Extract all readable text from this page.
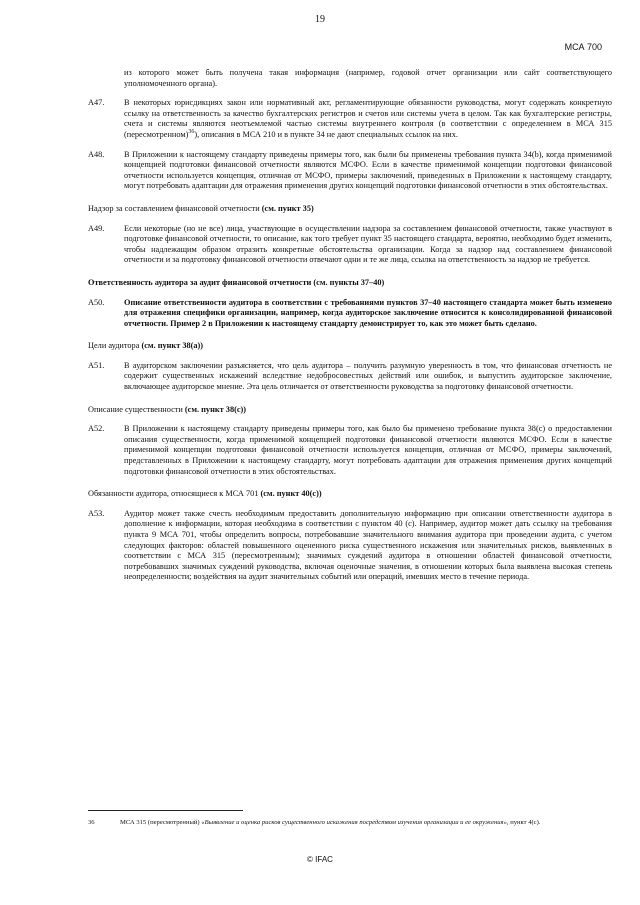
19
МСА 700
из которого может быть получена такая информация (например, годовой отчет организации или сайт соответствующего уполномоченного органа).
A47.	В некоторых юрисдикциях закон или нормативный акт, регламентирующие обязанности руководства, могут содержать конкретную ссылку на ответственность за качество бухгалтерских регистров и счетов или системы учета в целом. Так как бухгалтерские регистры, счета и системы являются неотъемлемой частью системы внутреннего контроля (в соответствии с определением в МСА 315 (пересмотренном)$^{36}$), описания в МСА 210 и в пункте 34 не дают специальных ссылок на них.
A48.	В Приложении к настоящему стандарту приведены примеры того, как были бы применены требования пункта 34(b), когда применимой концепцией подготовки финансовой отчетности являются МСФО. Если в качестве применимой концепции подготовки финансовой отчетности используется концепция, отличная от МСФО, примеры заключений, приведенных в Приложении к настоящему стандарту, могут потребовать адаптации для отражения применения других концепций подготовки финансовой отчетности в этих обстоятельствах.
Надзор за составлением финансовой отчетности (см. пункт 35)
A49.	Если некоторые (но не все) лица, участвующие в осуществлении надзора за составлением финансовой отчетности, также участвуют в подготовке финансовой отчетности, то описание, как того требует пункт 35 настоящего стандарта, вероятно, необходимо будет изменить, чтобы надлежащим образом отразить конкретные обстоятельства организации. Когда за надзор над составлением финансовой отчетности и за подготовку финансовой отчетности отвечают одни и те же лица, ссылка на ответственность за надзор не требуется.
Ответственность аудитора за аудит финансовой отчетности (см. пункты 37–40)
A50.	Описание ответственности аудитора в соответствии с требованиями пунктов 37–40 настоящего стандарта может быть изменено для отражения специфики организации, например, когда аудиторское заключение относится к консолидированной финансовой отчетности. Пример 2 в Приложении к настоящему стандарту демонстрирует то, как это может быть сделано.
Цели аудитора (см. пункт 38(а))
A51.	В аудиторском заключении разъясняется, что цель аудитора – получить разумную уверенность в том, что финансовая отчетность не содержит существенных искажений вследствие недобросовестных действий или ошибок, и выпустить аудиторское заключение, включающее аудиторское мнение. Эта цель отличается от ответственности руководства за подготовку финансовой отчетности.
Описание существенности (см. пункт 38(с))
A52.	В Приложении к настоящему стандарту приведены примеры того, как было бы применено требование пункта 38(с) о предоставлении описания существенности, когда применимой концепцией подготовки финансовой отчетности являются МСФО. Если в качестве применимой концепции подготовки финансовой отчетности используется концепция, отличная от МСФО, примеры заключений, представленных в Приложении к настоящему стандарту, могут потребовать адаптации для отражения применения других концепций подготовки финансовой отчетности в этих обстоятельствах.
Обязанности аудитора, относящиеся к МСА 701 (см. пункт 40(с))
A53.	Аудитор может также счесть необходимым предоставить дополнительную информацию при описании ответственности аудитора в дополнение к информации, которая необходима в соответствии с пунктом 40 (с). Например, аудитор может дать ссылку на требования пункта 9 МСА 701, чтобы определить вопросы, потребовавшие значительного внимания аудитора при проведении аудита, с учетом следующих факторов: областей повышенного оцененного риска существенного искажения или значительных рисков, выявленных в соответствии с МСА 315 (пересмотренным); значимых суждений аудитора в отношении областей финансовой отчетности, потребовавших значимых суждений руководства, включая оценочные значения, в отношении которых была выявлена высокая степень неопределенности; воздействия на аудит значительных событий или операций, имевших место в течение периода.
36	МСА 315 (пересмотренный) «Выявление и оценка рисков существенного искажения посредством изучения организации и ее окружения», пункт 4(с).
© IFAC
